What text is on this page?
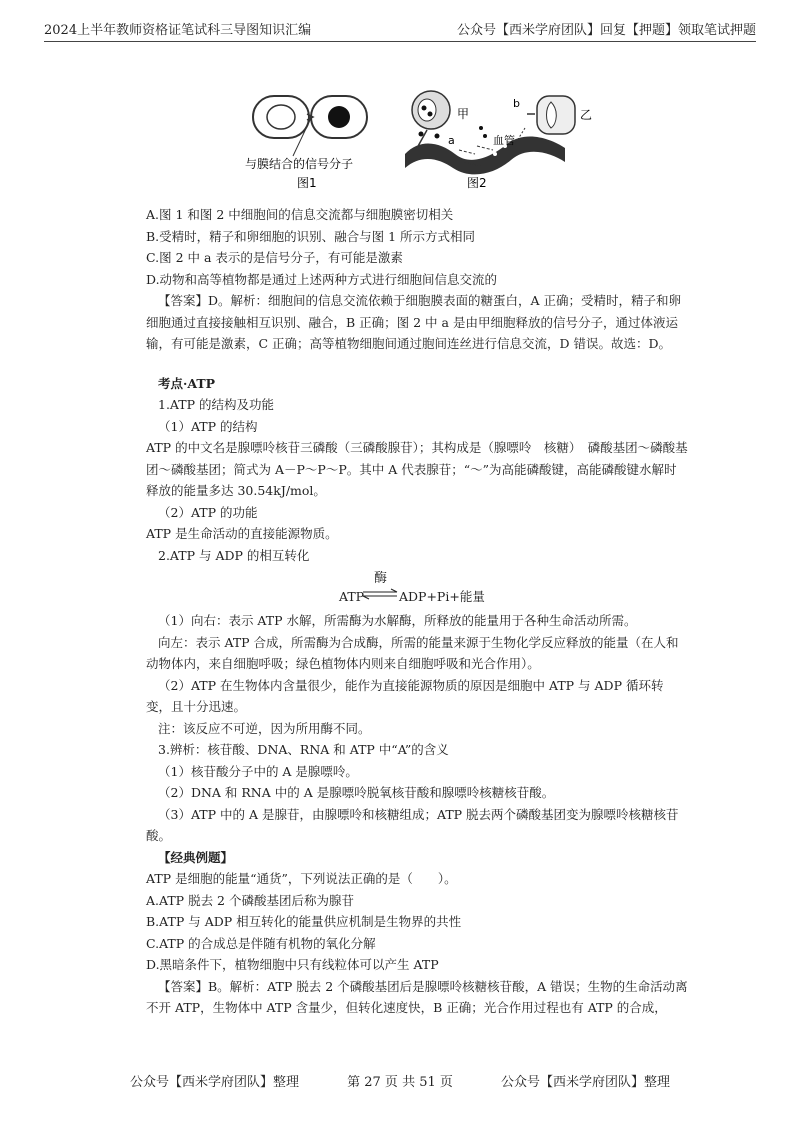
2024上半年教师资格证笔试科三导图知识汇编	公众号【西米学府团队】回复【押题】领取笔试押题
与膜结合的信号分子
图1
甲	乙
a
b
血管
图2

A.图 1 和图 2 中细胞间的信息交流都与细胞膜密切相关

B.受精时，精子和卵细胞的识别、融合与图 1 所示方式相同

C.图 2 中 a 表示的是信号分子，有可能是激素

D.动物和高等植物都是通过上述两种方式进行细胞间信息交流的

【答案】D。解析：细胞间的信息交流依赖于细胞膜表面的糖蛋白，A 正确；受精时，精子和卵细胞通过直接接触相互识别、融合，B 正确；图 2 中 a 是由甲细胞释放的信号分子，通过体液运输，有可能是激素，C 正确；高等植物细胞间通过胞间连丝进行信息交流，D 错误。故选：D。

考点·ATP

1.ATP 的结构及功能

（1）ATP 的结构

ATP 的中文名是腺嘌呤核苷三磷酸（三磷酸腺苷）；其构成是（腺嘌呤　核糖）　磷酸基团～磷酸基团～磷酸基团；简式为 A－P～P～P。其中 A 代表腺苷；“～”为高能磷酸键，高能磷酸键水解时释放的能量多达 30.54kJ/mol。

（2）ATP 的功能

ATP 是生命活动的直接能源物质。

2.ATP 与 ADP 的相互转化

酶
ATP ⇌ ADP+Pi+能量

（1）向右：表示 ATP 水解，所需酶为水解酶，所释放的能量用于各种生命活动所需。

向左：表示 ATP 合成，所需酶为合成酶，所需的能量来源于生物化学反应释放的能量（在人和动物体内，来自细胞呼吸；绿色植物体内则来自细胞呼吸和光合作用）。

（2）ATP 在生物体内含量很少，能作为直接能源物质的原因是细胞中 ATP 与 ADP 循环转变，且十分迅速。

注：该反应不可逆，因为所用酶不同。

3.辨析：核苷酸、DNA、RNA 和 ATP 中“A”的含义

（1）核苷酸分子中的 A 是腺嘌呤。

（2）DNA 和 RNA 中的 A 是腺嘌呤脱氧核苷酸和腺嘌呤核糖核苷酸。

（3）ATP 中的 A 是腺苷，由腺嘌呤和核糖组成；ATP 脱去两个磷酸基团变为腺嘌呤核糖核苷酸。

【经典例题】

ATP 是细胞的能量“通货”，下列说法正确的是（　　）。

A.ATP 脱去 2 个磷酸基团后称为腺苷

B.ATP 与 ADP 相互转化的能量供应机制是生物界的共性

C.ATP 的合成总是伴随有机物的氧化分解

D.黑暗条件下，植物细胞中只有线粒体可以产生 ATP

【答案】B。解析：ATP 脱去 2 个磷酸基团后是腺嘌呤核糖核苷酸，A 错误；生物的生命活动离不开 ATP，生物体中 ATP 含量少，但转化速度快，B 正确；光合作用过程也有 ATP 的合成，

公众号【西米学府团队】整理	第 27 页 共 51 页	公众号【西米学府团队】整理
